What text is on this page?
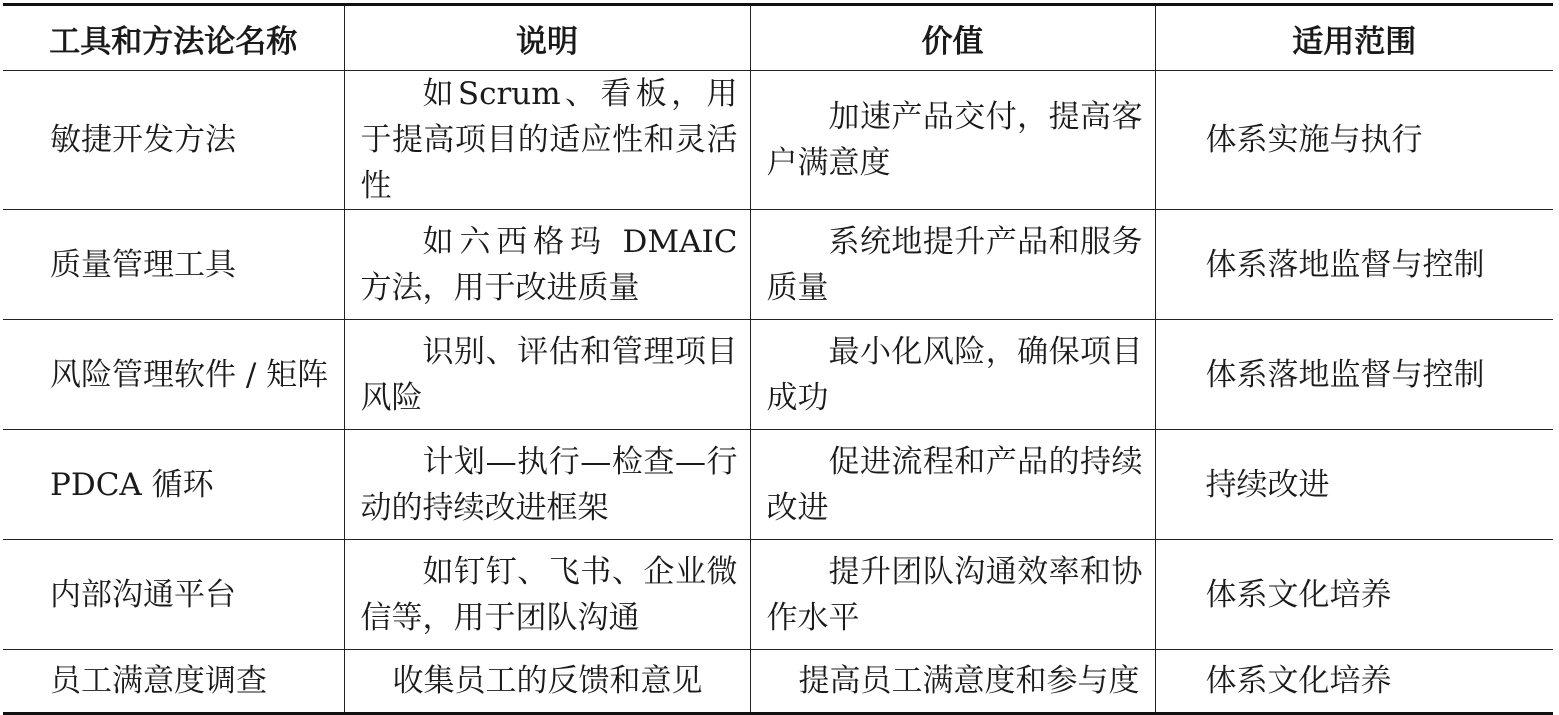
工具和方法论名称	说明	价值	适用范围
敏捷开发方法	如Scrum、看板，用于提高项目的适应性和灵活性	加速产品交付，提高客户满意度	体系实施与执行
质量管理工具	如六西格玛 DMAIC 方法，用于改进质量	系统地提升产品和服务质量	体系落地监督与控制
风险管理软件 / 矩阵	识别、评估和管理项目风险	最小化风险，确保项目成功	体系落地监督与控制
PDCA 循环	计划—执行—检查—行动的持续改进框架	促进流程和产品的持续改进	持续改进
内部沟通平台	如钉钉、飞书、企业微信等，用于团队沟通	提升团队沟通效率和协作水平	体系文化培养
员工满意度调查	收集员工的反馈和意见	提高员工满意度和参与度	体系文化培养
